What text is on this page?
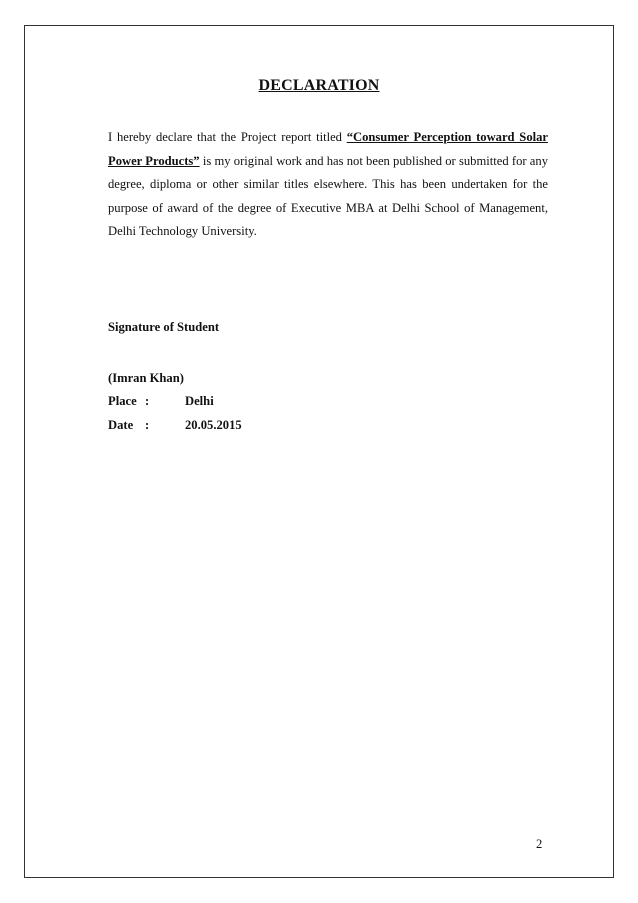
DECLARATION

I hereby declare that the Project report titled “Consumer Perception toward Solar Power Products” is my original work and has not been published or submitted for any degree, diploma or other similar titles elsewhere. This has been undertaken for the purpose of award of the degree of Executive MBA at Delhi School of Management, Delhi Technology University.

Signature of Student
(Imran Khan)
Place :	Delhi
Date :	20.05.2015
2
